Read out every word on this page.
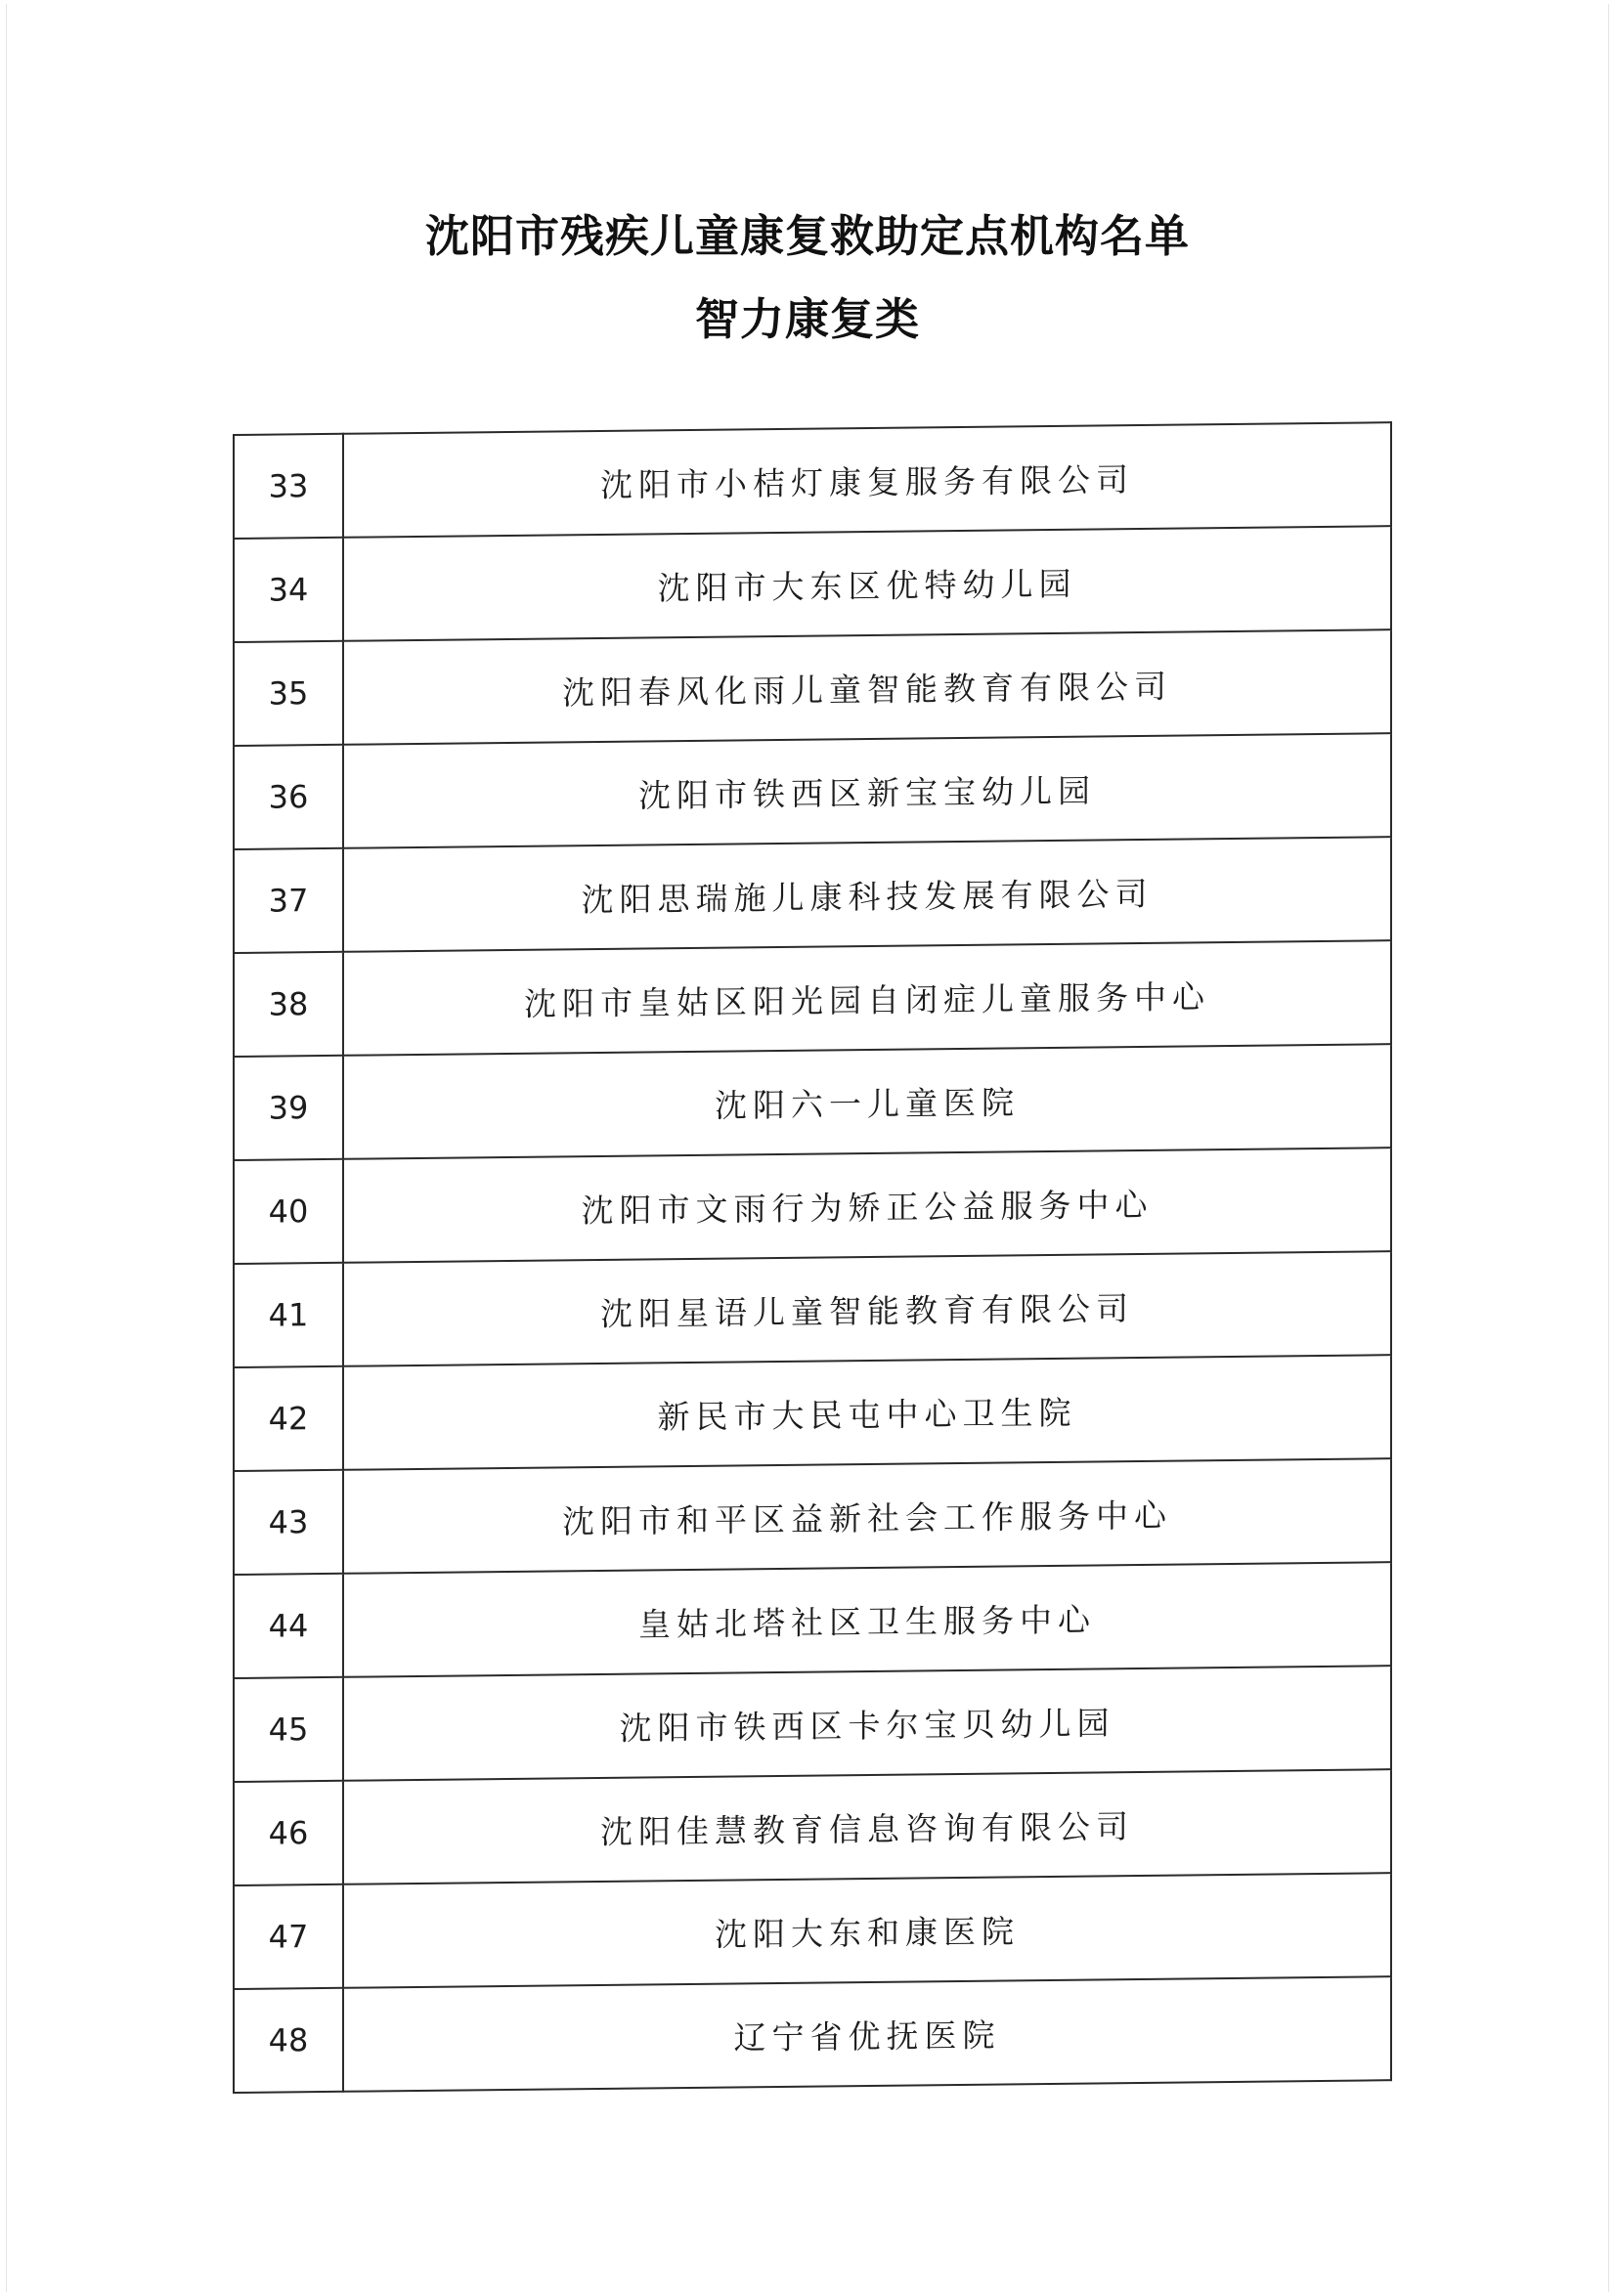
沈阳市残疾儿童康复救助定点机构名单
智力康复类
33	沈阳市小桔灯康复服务有限公司
34	沈阳市大东区优特幼儿园
35	沈阳春风化雨儿童智能教育有限公司
36	沈阳市铁西区新宝宝幼儿园
37	沈阳思瑞施儿康科技发展有限公司
38	沈阳市皇姑区阳光园自闭症儿童服务中心
39	沈阳六一儿童医院
40	沈阳市文雨行为矫正公益服务中心
41	沈阳星语儿童智能教育有限公司
42	新民市大民屯中心卫生院
43	沈阳市和平区益新社会工作服务中心
44	皇姑北塔社区卫生服务中心
45	沈阳市铁西区卡尔宝贝幼儿园
46	沈阳佳慧教育信息咨询有限公司
47	沈阳大东和康医院
48	辽宁省优抚医院
